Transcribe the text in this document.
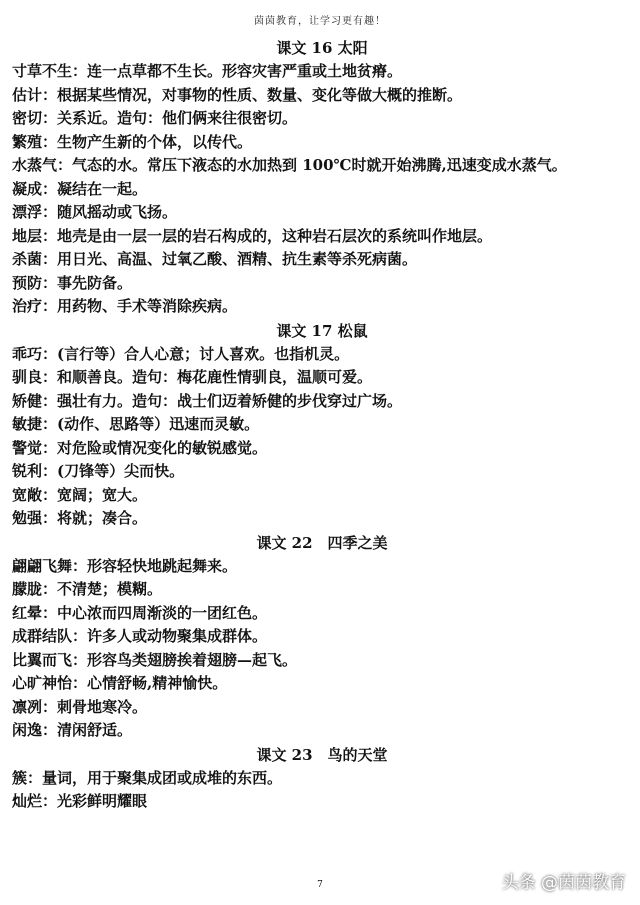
茵茵教育，让学习更有趣！
课文 16 太阳
寸草不生：连一点草都不生长。形容灾害严重或土地贫瘠。
估计：根据某些情况，对事物的性质、数量、变化等做大概的推断。
密切：关系近。造句：他们俩来往很密切。
繁殖：生物产生新的个体，以传代。
水蒸气：气态的水。常压下液态的水加热到 100℃时就开始沸腾,迅速变成水蒸气。
凝成：凝结在一起。
漂浮：随风摇动或飞扬。
地层：地壳是由一层一层的岩石构成的，这种岩石层次的系统叫作地层。
杀菌：用日光、高温、过氧乙酸、酒精、抗生素等杀死病菌。
预防：事先防备。
治疗：用药物、手术等消除疾病。
课文 17 松鼠
乖巧：(言行等）合人心意；讨人喜欢。也指机灵。
驯良：和顺善良。造句：梅花鹿性情驯良，温顺可爱。
矫健：强壮有力。造句：战士们迈着矫健的步伐穿过广场。
敏捷：(动作、思路等）迅速而灵敏。
警觉：对危险或情况变化的敏锐感觉。
锐利：(刀锋等）尖而快。
宽敞：宽阔；宽大。
勉强：将就；凑合。
课文 22　四季之美
翩翩飞舞：形容轻快地跳起舞来。
朦胧：不清楚；模糊。
红晕：中心浓而四周渐淡的一团红色。
成群结队：许多人或动物聚集成群体。
比翼而飞：形容鸟类翅膀挨着翅膀—起飞。
心旷神怡：心情舒畅,精神愉快。
凛冽：刺骨地寒冷。
闲逸：清闲舒适。
课文 23　鸟的天堂
簇：量词，用于聚集成团或成堆的东西。
灿烂：光彩鲜明耀眼
7	头条 @茵茵教育
